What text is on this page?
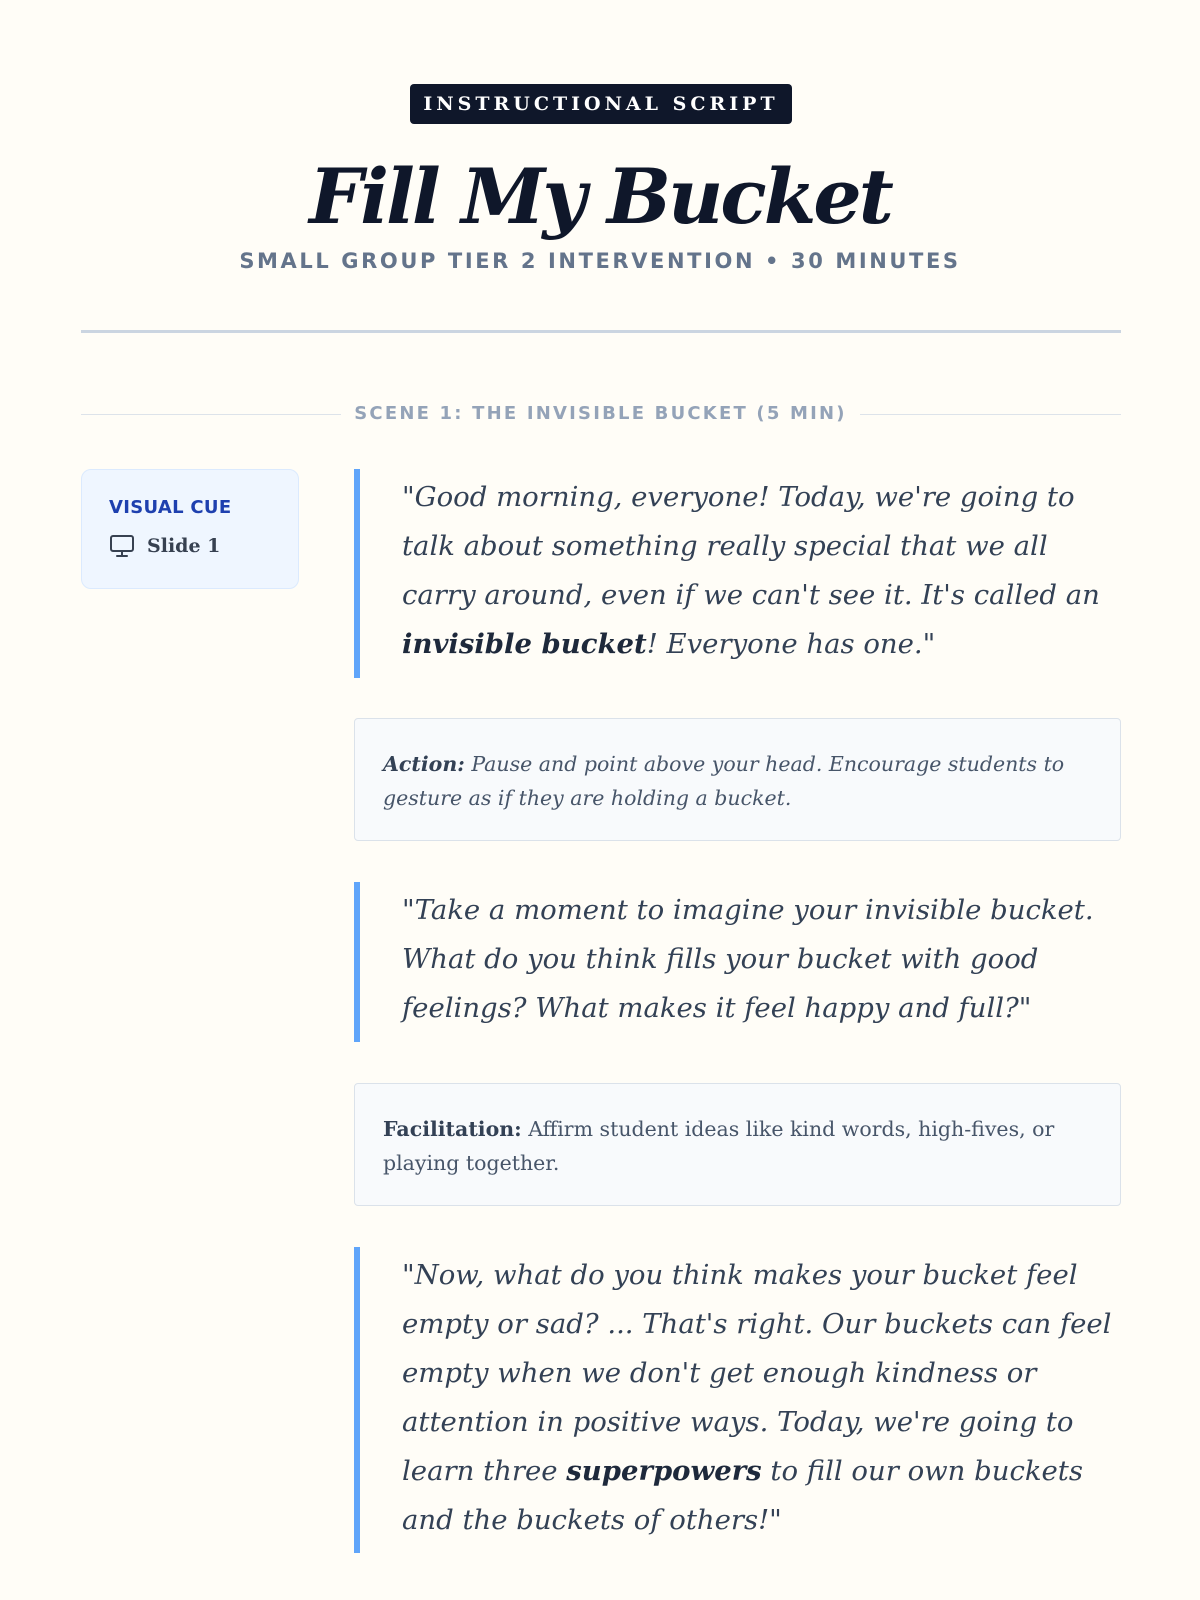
INSTRUCTIONAL SCRIPT
Fill My Bucket
SMALL GROUP TIER 2 INTERVENTION • 30 MINUTES
SCENE 1: THE INVISIBLE BUCKET (5 MIN)
VISUAL CUE
Slide 1

"Good morning, everyone! Today, we're going to talk about something really special that we all carry around, even if we can't see it. It's called an invisible bucket! Everyone has one."

Action: Pause and point above your head. Encourage students to gesture as if they are holding a bucket.

"Take a moment to imagine your invisible bucket. What do you think fills your bucket with good feelings? What makes it feel happy and full?"

Facilitation: Affirm student ideas like kind words, high-fives, or playing together.

"Now, what do you think makes your bucket feel empty or sad? ... That's right. Our buckets can feel empty when we don't get enough kindness or attention in positive ways. Today, we're going to learn three superpowers to fill our own buckets and the buckets of others!"
